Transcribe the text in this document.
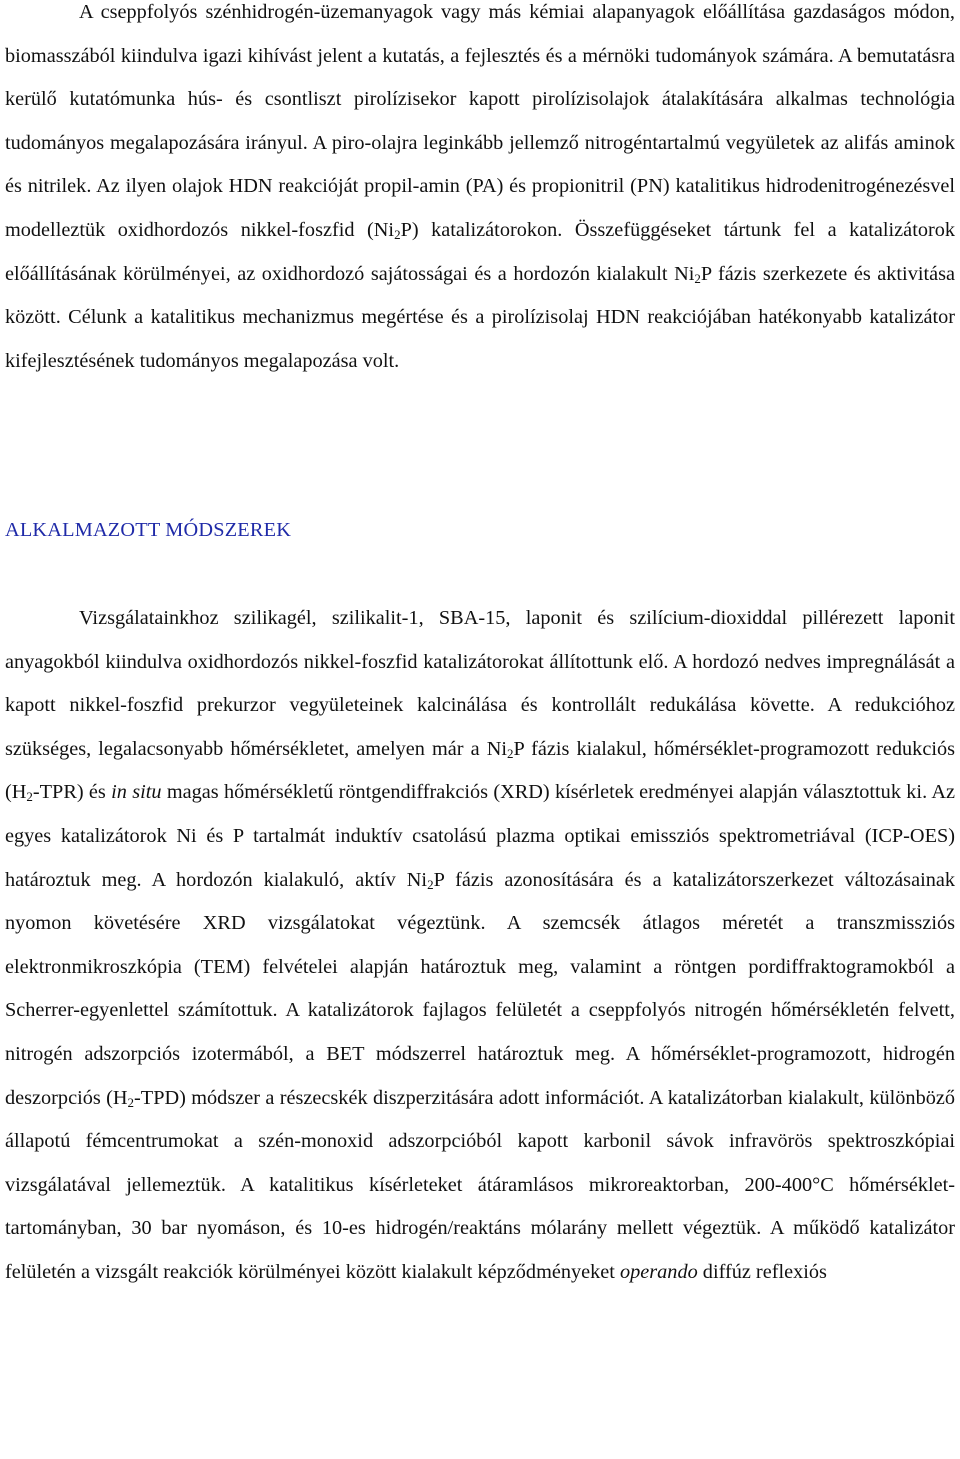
A cseppfolyós szénhidrogén-üzemanyagok vagy más kémiai alapanyagok előállítása gazdaságos módon, biomasszából kiindulva igazi kihívást jelent a kutatás, a fejlesztés és a mérnöki tudományok számára. A bemutatásra kerülő kutatómunka hús- és csontliszt pirolízisekor kapott pirolízisolajok átalakítására alkalmas technológia tudományos megalapozására irányul. A piro-olajra leginkább jellemző nitrogéntartalmú vegyületek az alifás aminok és nitrilek. Az ilyen olajok HDN reakcióját propil-amin (PA) és propionitril (PN) katalitikus hidrodenitrogénezésvel modelleztük oxidhordozós nikkel-foszfid $(Ni_2P)$ katalizátorokon. Összefüggéseket tártunk fel a katalizátorok előállításának körülményei, az oxidhordozó sajátosságai és a hordozón kialakult $Ni_2P$ fázis szerkezete és aktivitása között. Célunk a katalitikus mechanizmus megértése és a pirolízisolaj HDN reakciójában hatékonyabb katalizátor kifejlesztésének tudományos megalapozása volt.

ALKALMAZOTT MÓDSZEREK

Vizsgálatainkhoz szilikagél, szilikalit-1, SBA-15, laponit és szilícium-dioxiddal pillérezett laponit anyagokból kiindulva oxidhordozós nikkel-foszfid katalizátorokat állítottunk elő. A hordozó nedves impregnálását a kapott nikkel-foszfid prekurzor vegyületeinek kalcinálása és kontrollált redukálása követte. A redukcióhoz szükséges, legalacsonyabb hőmérsékletet, amelyen már a $Ni_2P$ fázis kialakul, hőmérséklet-programozott redukciós $(H_2-TPR)$ és in situ magas hőmérsékletű röntgendiffrakciós (XRD) kísérletek eredményei alapján választottuk ki. Az egyes katalizátorok Ni és P tartalmát induktív csatolású plazma optikai emissziós spektrometriával (ICP-OES) határoztuk meg. A hordozón kialakuló, aktív $Ni_2P$ fázis azonosítására és a katalizátorszerkezet változásainak nyomon követésére XRD vizsgálatokat végeztünk. A szemcsék átlagos méretét a transzmissziós elektronmikroszkópia (TEM) felvételei alapján határoztuk meg, valamint a röntgen pordiffraktogramokból a Scherrer-egyenlettel számítottuk. A katalizátorok fajlagos felületét a cseppfolyós nitrogén hőmérsékletén felvett, nitrogén adszorpciós izotermából, a BET módszerrel határoztuk meg. A hőmérséklet-programozott, hidrogén deszorpciós $(H_2-TPD)$ módszer a részecskék diszperzitására adott információt. A katalizátorban kialakult, különböző állapotú fémcentrumokat a szén-monoxid adszorpcióból kapott karbonil sávok infravörös spektroszkópiai vizsgálatával jellemeztük. A katalitikus kísérleteket átáramlásos mikroreaktorban, 200-400°C hőmérséklet-tartományban, 30 bar nyomáson, és 10-es hidrogén/reaktáns mólarány mellett végeztük. A működő katalizátor felületén a vizsgált reakciók körülményei között kialakult képződményeket operando diffúz reflexiós
